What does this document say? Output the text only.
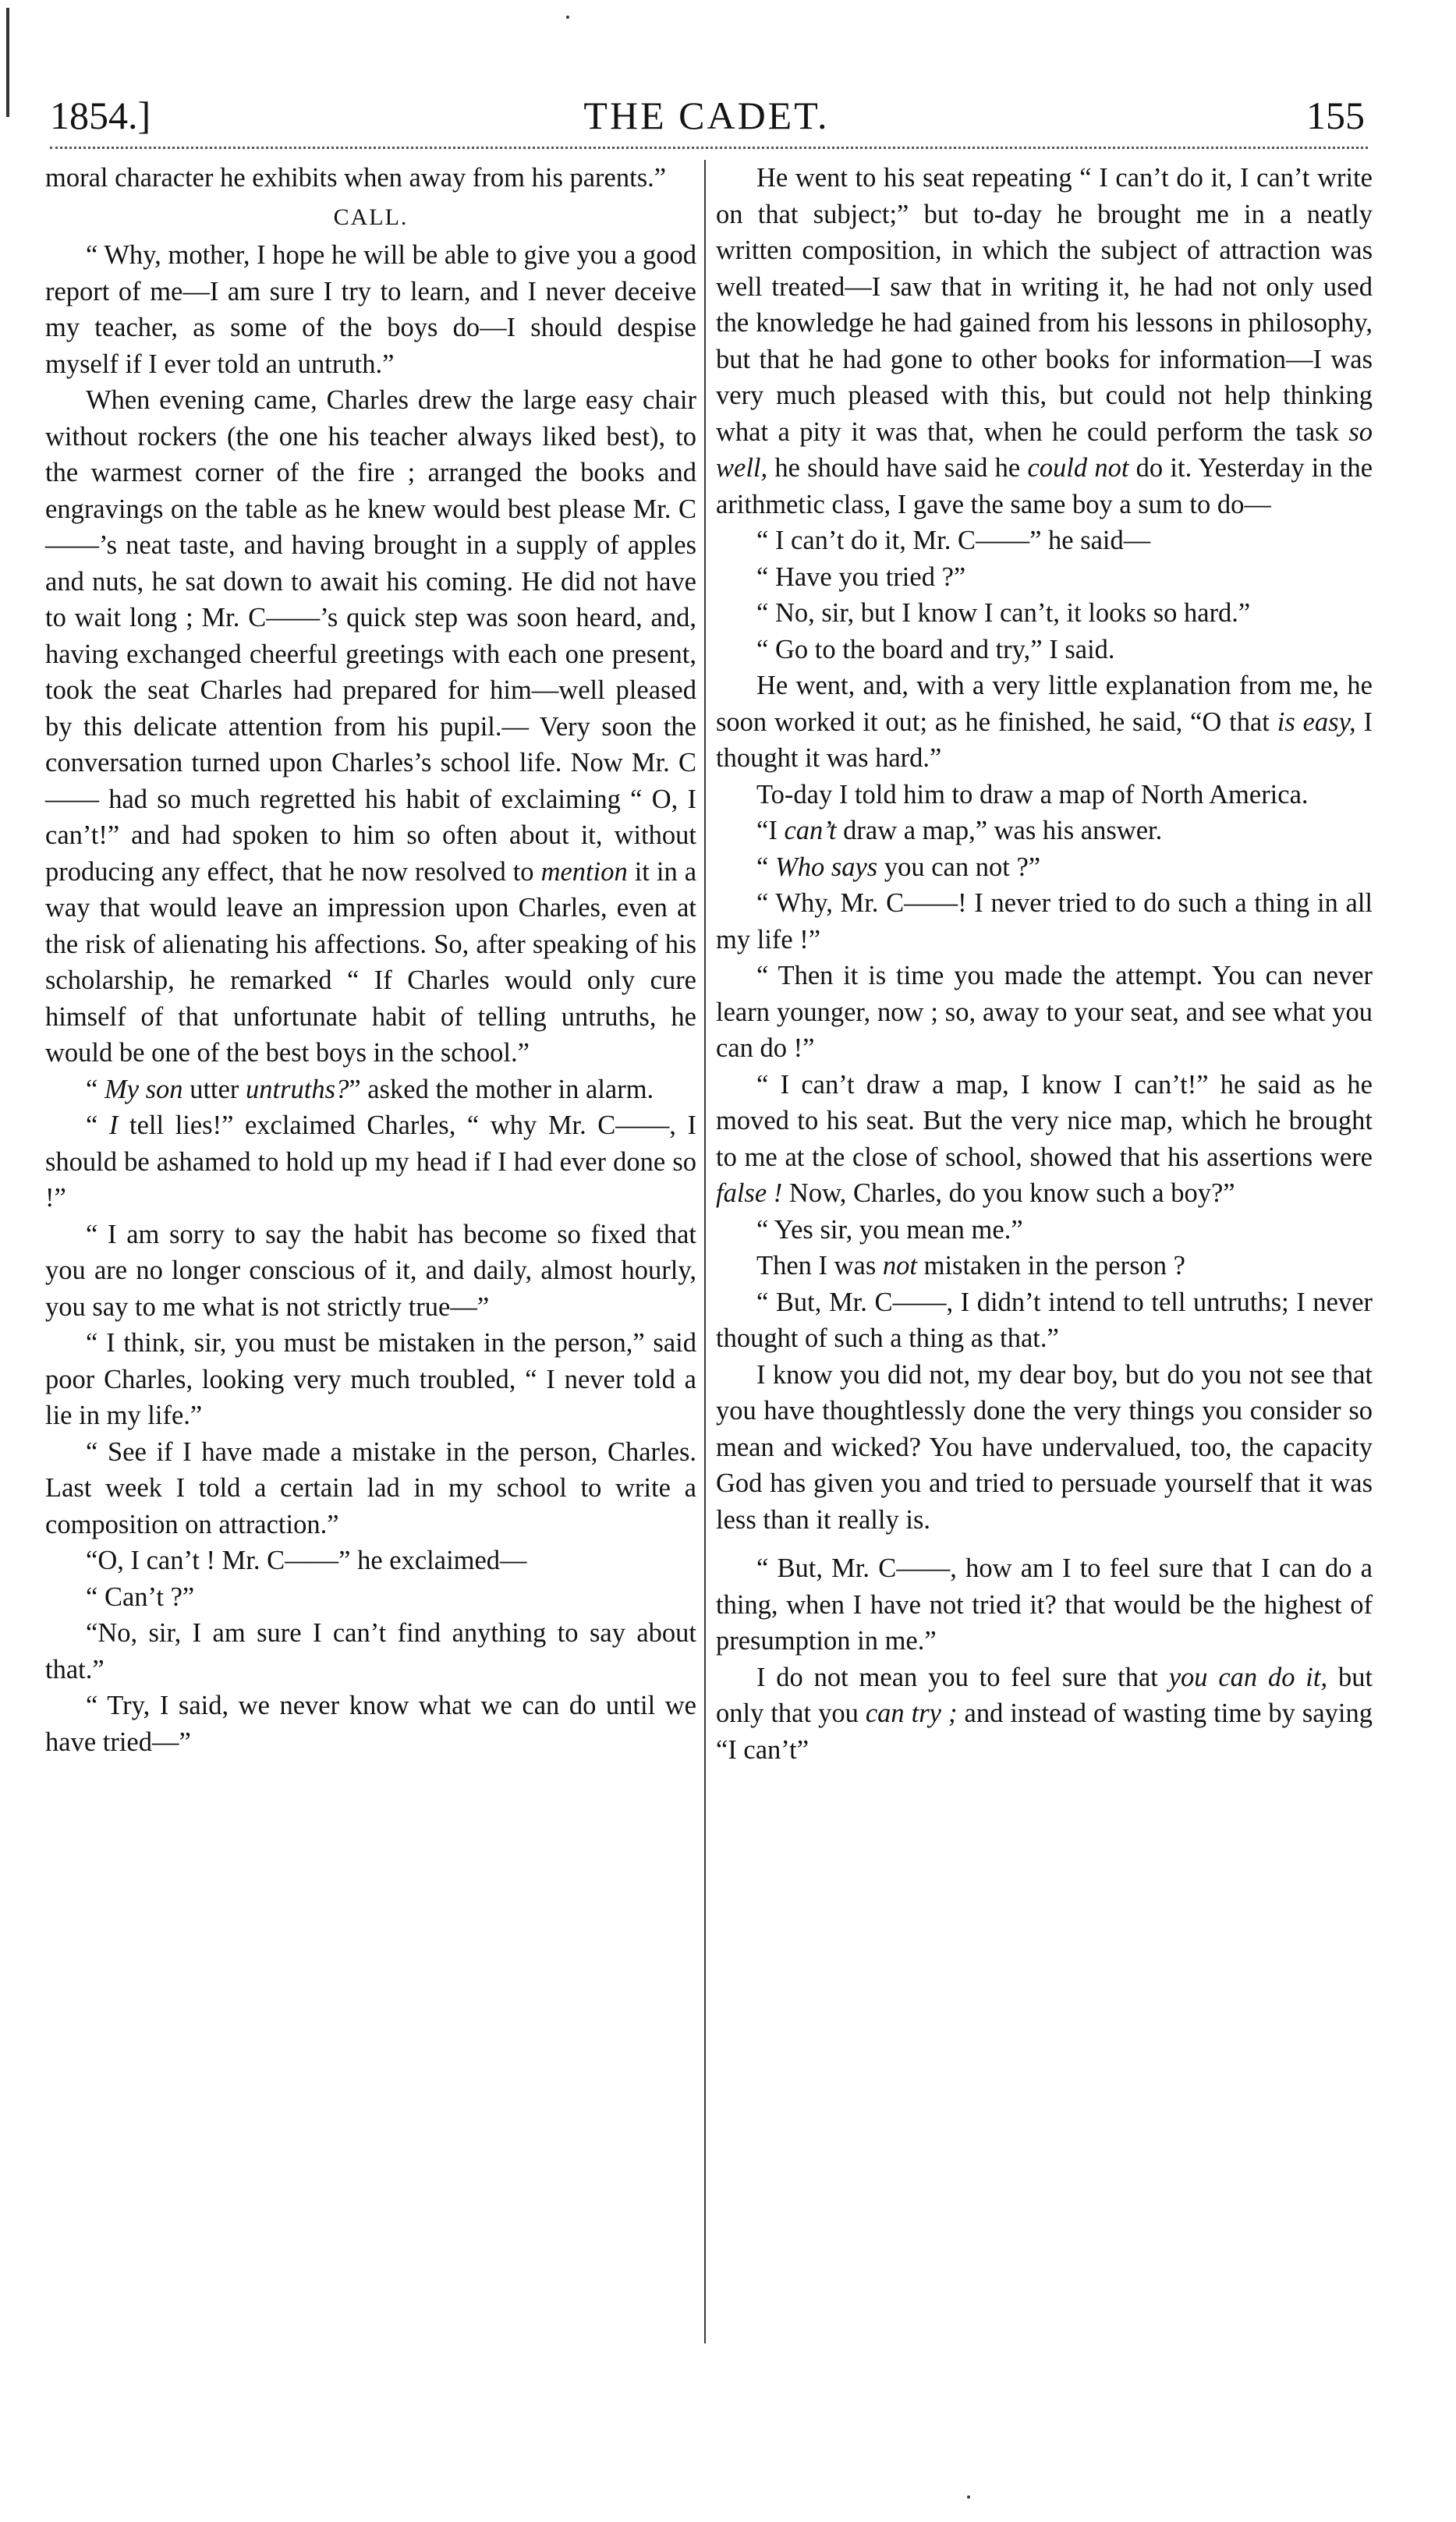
1854.]	THE CADET.	155

moral character he exhibits when away from his parents.”

CALL.

“ Why, mother, I hope he will be able to give you a good report of me—I am sure I try to learn, and I never deceive my teacher, as some of the boys do—I should despise myself if I ever told an untruth.”

When evening came, Charles drew the large easy chair without rockers (the one his teacher always liked best), to the warmest corner of the fire ; arranged the books and engravings on the table as he knew would best please Mr. C——’s neat taste, and having brought in a supply of apples and nuts, he sat down to await his coming. He did not have to wait long ; Mr. C——’s quick step was soon heard, and, having exchanged cheerful greetings with each one present, took the seat Charles had prepared for him—well pleased by this delicate attention from his pupil.— Very soon the conversation turned upon Charles’s school life. Now Mr. C—— had so much regretted his habit of exclaiming “ O, I can’t!” and had spoken to him so often about it, without producing any effect, that he now resolved to mention it in a way that would leave an impression upon Charles, even at the risk of alienating his affections. So, after speaking of his scholarship, he remarked “ If Charles would only cure himself of that unfortunate habit of telling untruths, he would be one of the best boys in the school.”

“ My son utter untruths?” asked the mother in alarm.

“ I tell lies!” exclaimed Charles, “ why Mr. C——, I should be ashamed to hold up my head if I had ever done so !”

“ I am sorry to say the habit has become so fixed that you are no longer conscious of it, and daily, almost hourly, you say to me what is not strictly true—”

“ I think, sir, you must be mistaken in the person,” said poor Charles, looking very much troubled, “ I never told a lie in my life.”

“ See if I have made a mistake in the person, Charles. Last week I told a certain lad in my school to write a composition on attraction.”

“O, I can’t ! Mr. C——” he exclaimed—

“ Can’t ?”

“No, sir, I am sure I can’t find anything to say about that.”

“ Try, I said, we never know what we can do until we have tried—”

He went to his seat repeating “ I can’t do it, I can’t write on that subject;” but to-day he brought me in a neatly written composition, in which the subject of attraction was well treated—I saw that in writing it, he had not only used the knowledge he had gained from his lessons in philosophy, but that he had gone to other books for information—I was very much pleased with this, but could not help thinking what a pity it was that, when he could perform the task so well, he should have said he could not do it. Yesterday in the arithmetic class, I gave the same boy a sum to do—

“ I can’t do it, Mr. C——” he said—

“ Have you tried ?”

“ No, sir, but I know I can’t, it looks so hard.”

“ Go to the board and try,” I said.

He went, and, with a very little explanation from me, he soon worked it out; as he finished, he said, “O that is easy, I thought it was hard.”

To-day I told him to draw a map of North America.

“I can’t draw a map,” was his answer.

“ Who says you can not ?”

“ Why, Mr. C——! I never tried to do such a thing in all my life !”

“ Then it is time you made the attempt. You can never learn younger, now ; so, away to your seat, and see what you can do !”

“ I can’t draw a map, I know I can’t!” he said as he moved to his seat. But the very nice map, which he brought to me at the close of school, showed that his assertions were false ! Now, Charles, do you know such a boy?”

“ Yes sir, you mean me.”

Then I was not mistaken in the person ?

“ But, Mr. C——, I didn’t intend to tell untruths; I never thought of such a thing as that.”

I know you did not, my dear boy, but do you not see that you have thoughtlessly done the very things you consider so mean and wicked? You have undervalued, too, the capacity God has given you and tried to persuade yourself that it was less than it really is.

“ But, Mr. C——, how am I to feel sure that I can do a thing, when I have not tried it? that would be the highest of presumption in me.”

I do not mean you to feel sure that you can do it, but only that you can try ; and instead of wasting time by saying “I can’t”
